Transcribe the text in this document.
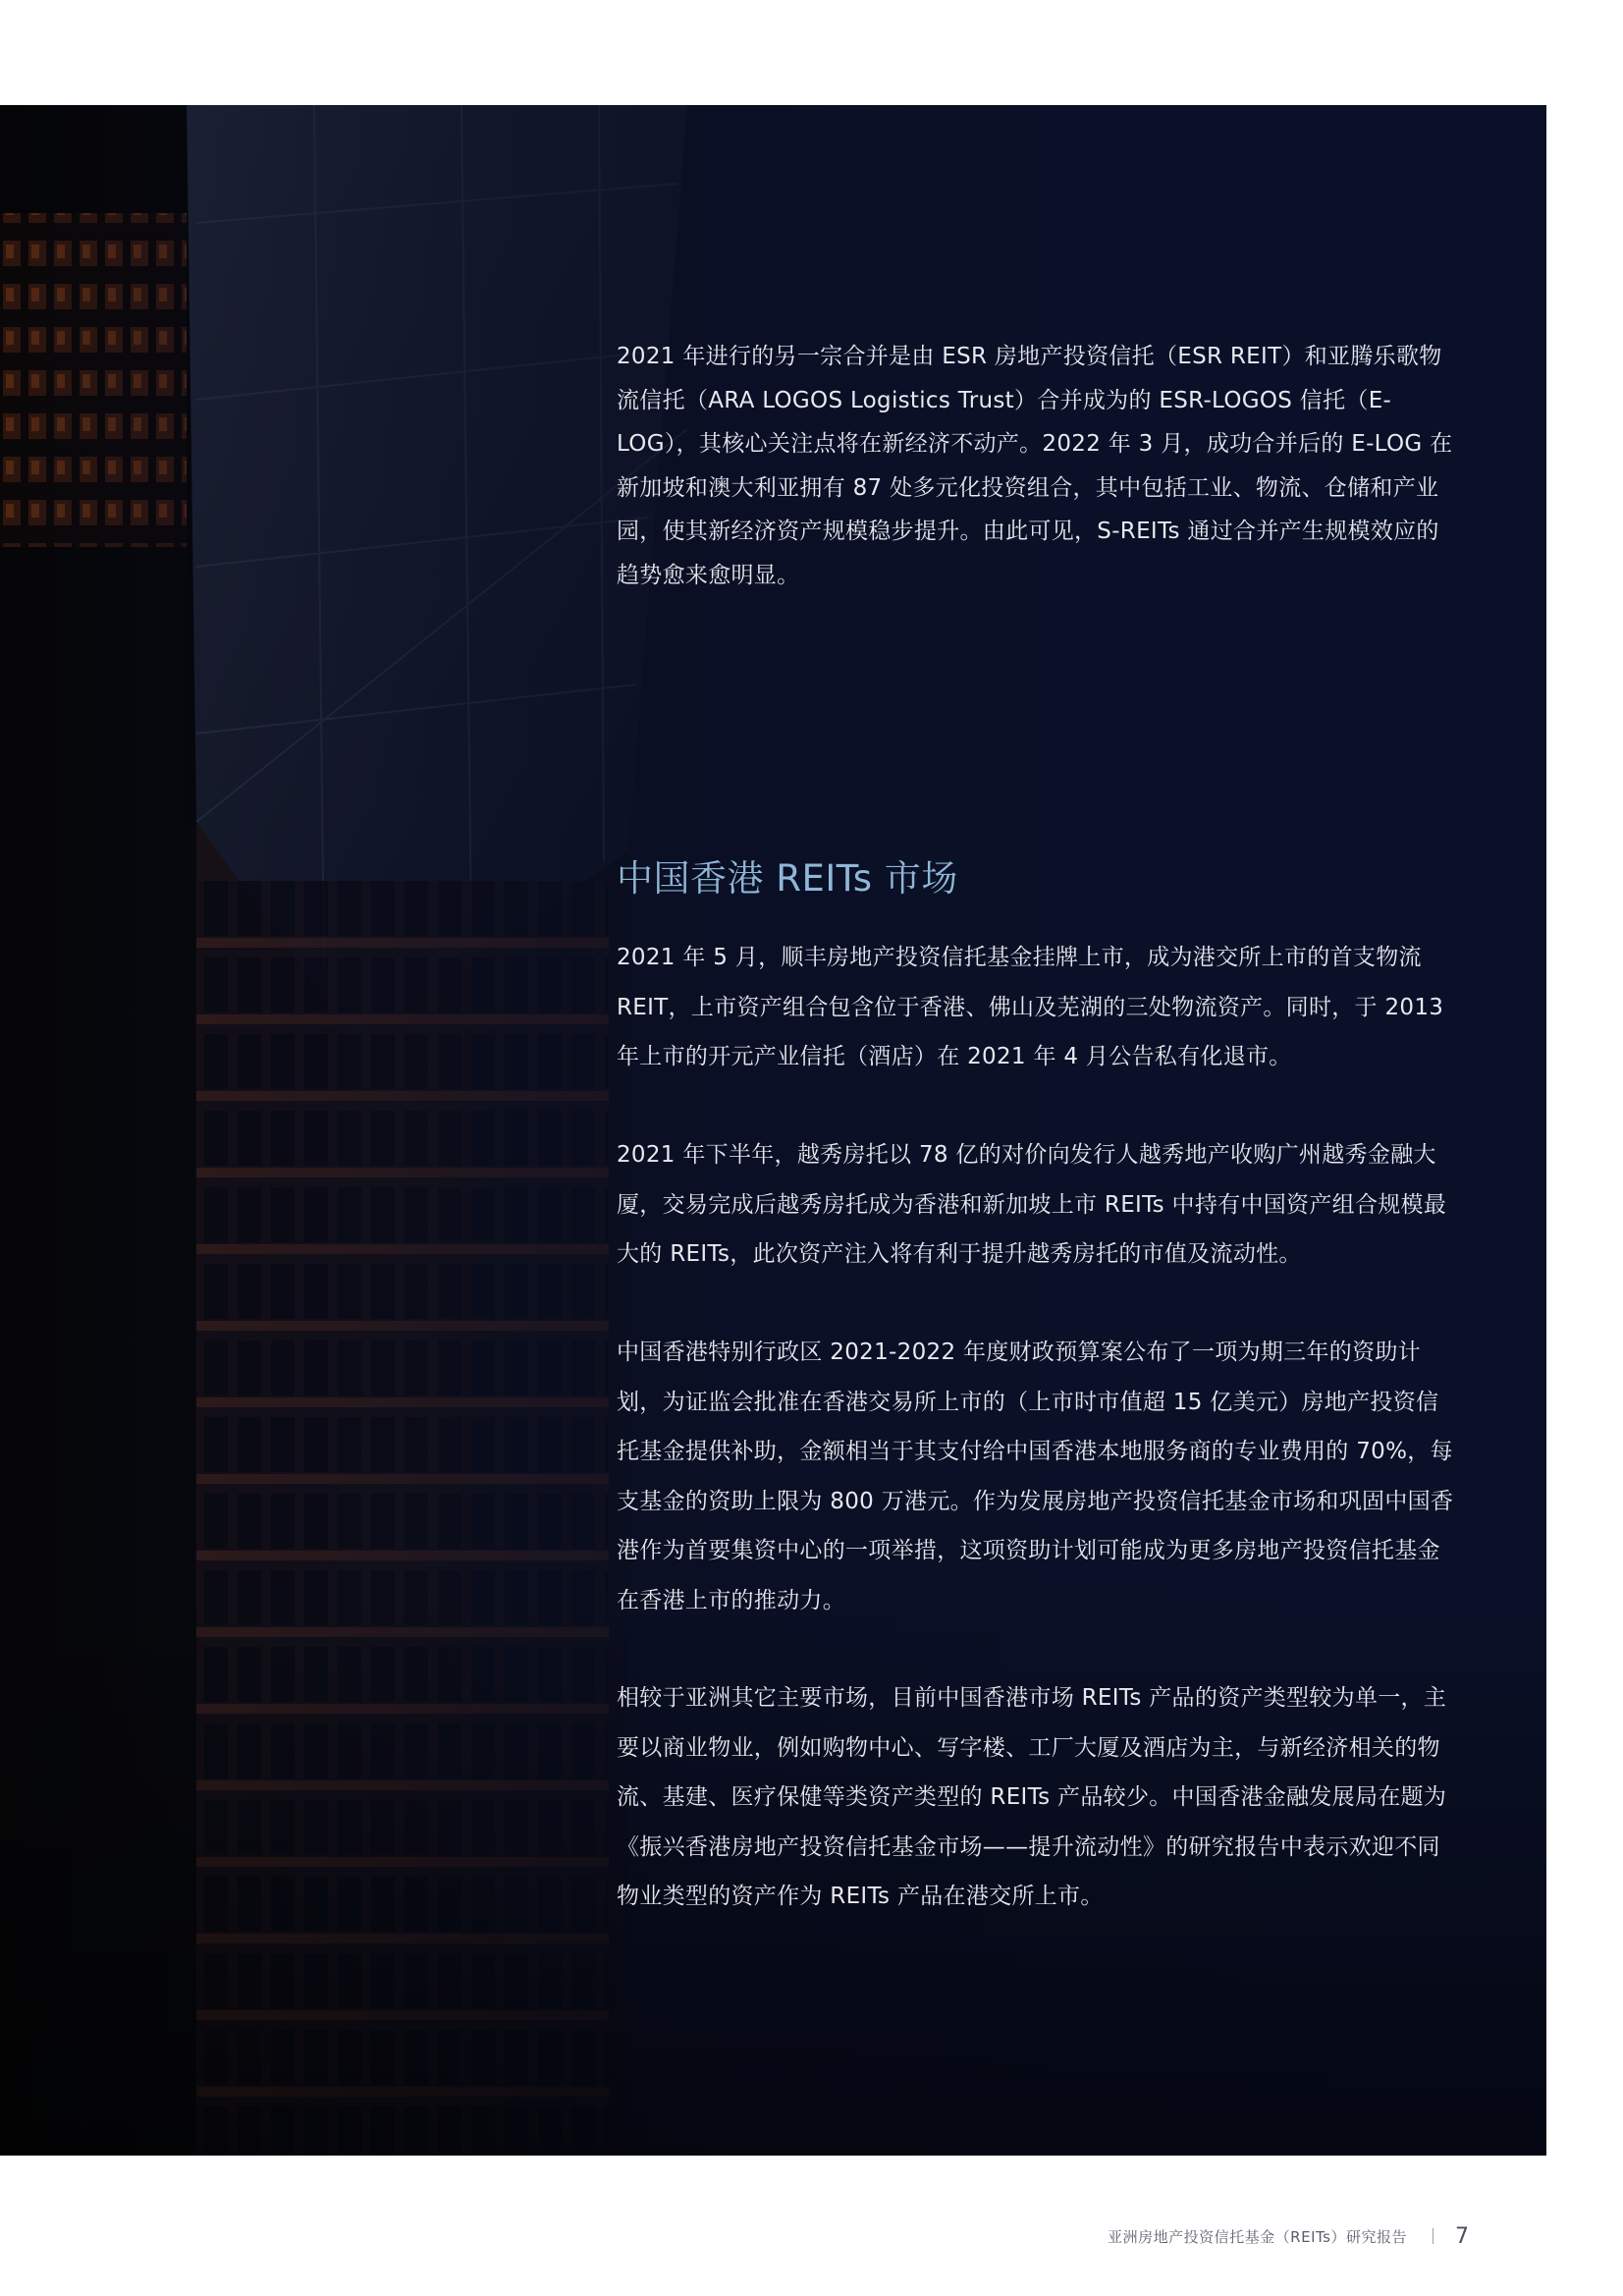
2021 年进行的另一宗合并是由 ESR 房地产投资信托（ESR REIT）和亚腾乐歌物流信托（ARA LOGOS Logistics Trust）合并成为的 ESR-LOGOS 信托（E-LOG），其核心关注点将在新经济不动产。2022 年 3 月，成功合并后的 E-LOG 在新加坡和澳大利亚拥有 87 处多元化投资组合，其中包括工业、物流、仓储和产业园，使其新经济资产规模稳步提升。由此可见，S-REITs 通过合并产生规模效应的趋势愈来愈明显。

中国香港 REITs 市场

2021 年 5 月，顺丰房地产投资信托基金挂牌上市，成为港交所上市的首支物流 REIT，上市资产组合包含位于香港、佛山及芜湖的三处物流资产。同时，于 2013 年上市的开元产业信托（酒店）在 2021 年 4 月公告私有化退市。

2021 年下半年，越秀房托以 78 亿的对价向发行人越秀地产收购广州越秀金融大厦，交易完成后越秀房托成为香港和新加坡上市 REITs 中持有中国资产组合规模最大的 REITs，此次资产注入将有利于提升越秀房托的市值及流动性。

中国香港特别行政区 2021-2022 年度财政预算案公布了一项为期三年的资助计划，为证监会批准在香港交易所上市的（上市时市值超 15 亿美元）房地产投资信托基金提供补助，金额相当于其支付给中国香港本地服务商的专业费用的 70%，每支基金的资助上限为 800 万港元。作为发展房地产投资信托基金市场和巩固中国香港作为首要集资中心的一项举措，这项资助计划可能成为更多房地产投资信托基金在香港上市的推动力。

相较于亚洲其它主要市场，目前中国香港市场 REITs 产品的资产类型较为单一，主要以商业物业，例如购物中心、写字楼、工厂大厦及酒店为主，与新经济相关的物流、基建、医疗保健等类资产类型的 REITs 产品较少。中国香港金融发展局在题为《振兴香港房地产投资信托基金市场——提升流动性》的研究报告中表示欢迎不同物业类型的资产作为 REITs 产品在港交所上市。

亚洲房地产投资信托基金（REITs）研究报告 7
